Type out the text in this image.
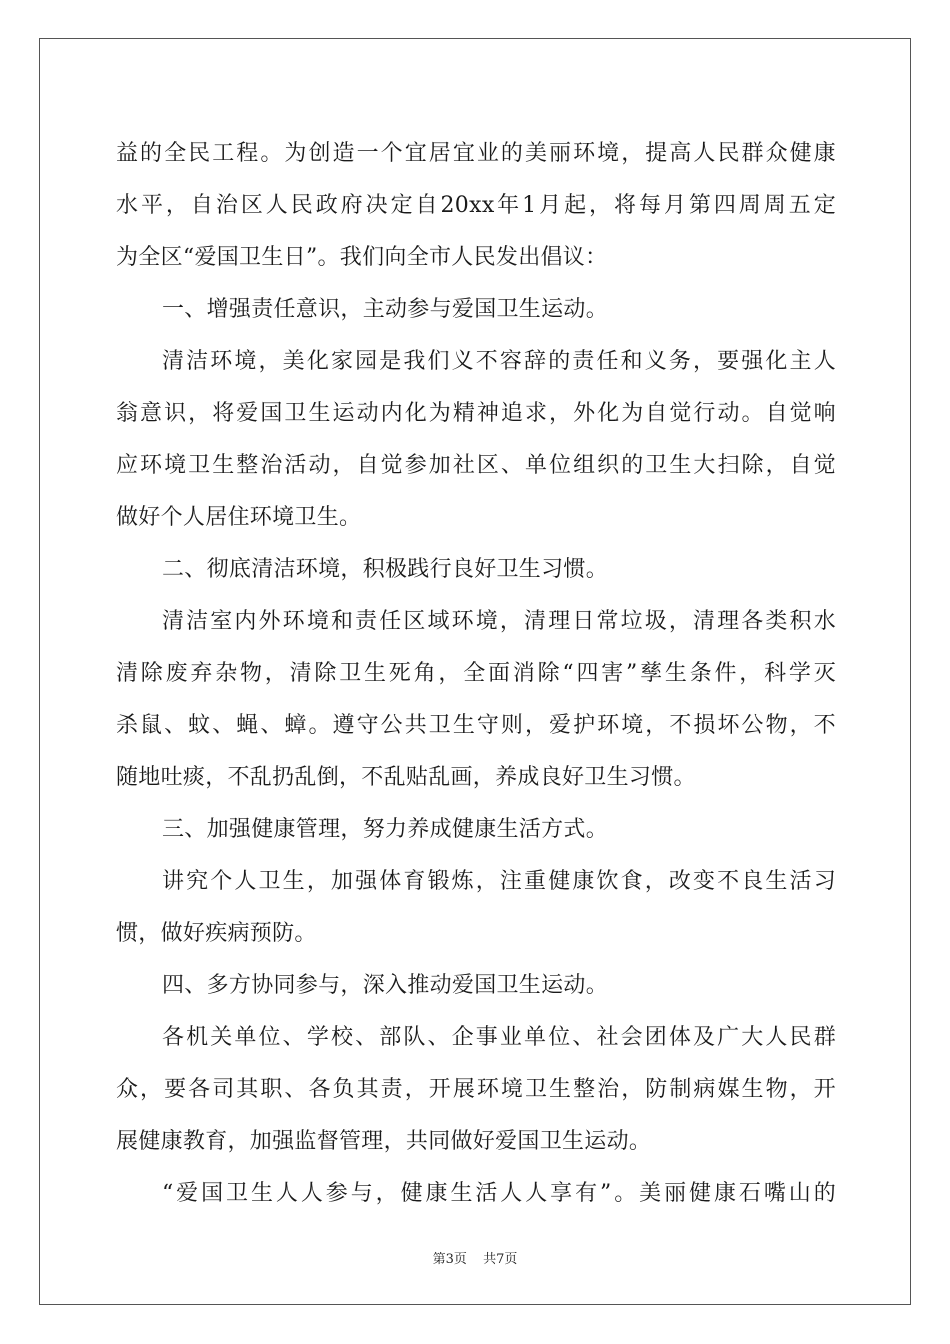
益的全民工程。为创造一个宜居宜业的美丽环境，提高人民群众健康
水平，自治区人民政府决定自20xx年1月起，将每月第四周周五定
为全区“爱国卫生日”。我们向全市人民发出倡议：
一、增强责任意识，主动参与爱国卫生运动。
清洁环境，美化家园是我们义不容辞的责任和义务，要强化主人
翁意识，将爱国卫生运动内化为精神追求，外化为自觉行动。自觉响
应环境卫生整治活动，自觉参加社区、单位组织的卫生大扫除，自觉
做好个人居住环境卫生。
二、彻底清洁环境，积极践行良好卫生习惯。
清洁室内外环境和责任区域环境，清理日常垃圾，清理各类积水
清除废弃杂物，清除卫生死角，全面消除“四害”孳生条件，科学灭
杀鼠、蚊、蝇、蟑。遵守公共卫生守则，爱护环境，不损坏公物，不
随地吐痰，不乱扔乱倒，不乱贴乱画，养成良好卫生习惯。
三、加强健康管理，努力养成健康生活方式。
讲究个人卫生，加强体育锻炼，注重健康饮食，改变不良生活习
惯，做好疾病预防。
四、多方协同参与，深入推动爱国卫生运动。
各机关单位、学校、部队、企事业单位、社会团体及广大人民群
众，要各司其职、各负其责，开展环境卫生整治，防制病媒生物，开
展健康教育，加强监督管理，共同做好爱国卫生运动。
“爱国卫生人人参与，健康生活人人享有”。美丽健康石嘴山的
第3页 共7页
